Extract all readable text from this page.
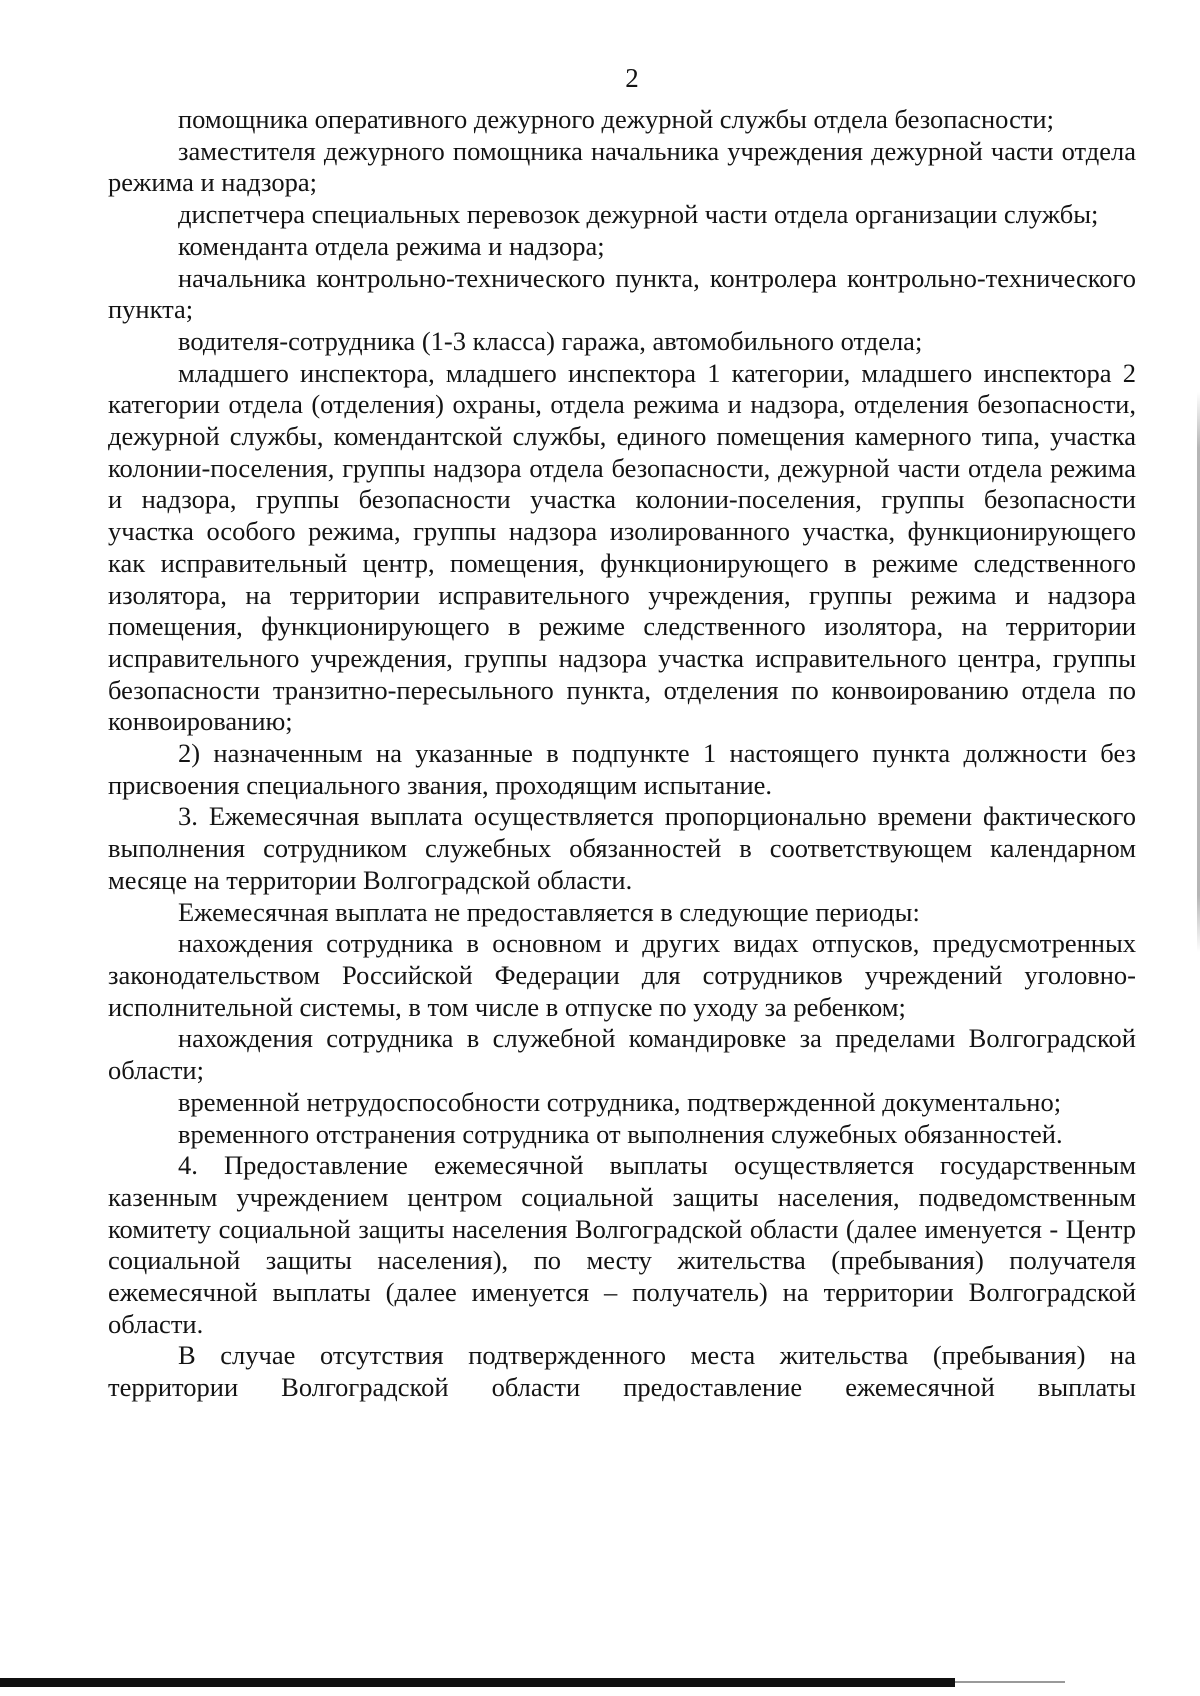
2

помощника оперативного дежурного дежурной службы отдела безопасности;

заместителя дежурного помощника начальника учреждения дежурной части отдела режима и надзора;

диспетчера специальных перевозок дежурной части отдела организации службы;

коменданта отдела режима и надзора;

начальника контрольно-технического пункта, контролера контрольно-технического пункта;

водителя-сотрудника (1-3 класса) гаража, автомобильного отдела;

младшего инспектора, младшего инспектора 1 категории, младшего инспектора 2 категории отдела (отделения) охраны, отдела режима и надзора, отделения безопасности, дежурной службы, комендантской службы, единого помещения камерного типа, участка колонии-поселения, группы надзора отдела безопасности, дежурной части отдела режима и надзора, группы безопасности участка колонии-поселения, группы безопасности участка особого режима, группы надзора изолированного участка, функционирующего как исправительный центр, помещения, функционирующего в режиме следственного изолятора, на территории исправительного учреждения, группы режима и надзора помещения, функционирующего в режиме следственного изолятора, на территории исправительного учреждения, группы надзора участка исправительного центра, группы безопасности транзитно-пересыльного пункта, отделения по конвоированию отдела по конвоированию;

2) назначенным на указанные в подпункте 1 настоящего пункта должности без присвоения специального звания, проходящим испытание.

3. Ежемесячная выплата осуществляется пропорционально времени фактического выполнения сотрудником служебных обязанностей в соответствующем календарном месяце на территории Волгоградской области.

Ежемесячная выплата не предоставляется в следующие периоды:

нахождения сотрудника в основном и других видах отпусков, предусмотренных законодательством Российской Федерации для сотрудников учреждений уголовно-исполнительной системы, в том числе в отпуске по уходу за ребенком;

нахождения сотрудника в служебной командировке за пределами Волгоградской области;

временной нетрудоспособности сотрудника, подтвержденной документально;

временного отстранения сотрудника от выполнения служебных обязанностей.

4. Предоставление ежемесячной выплаты осуществляется государственным казенным учреждением центром социальной защиты населения, подведомственным комитету социальной защиты населения Волгоградской области (далее именуется - Центр социальной защиты населения), по месту жительства (пребывания) получателя ежемесячной выплаты (далее именуется – получатель) на территории Волгоградской области.

В случае отсутствия подтвержденного места жительства (пребывания) на территории Волгоградской области предоставление ежемесячной выплаты
